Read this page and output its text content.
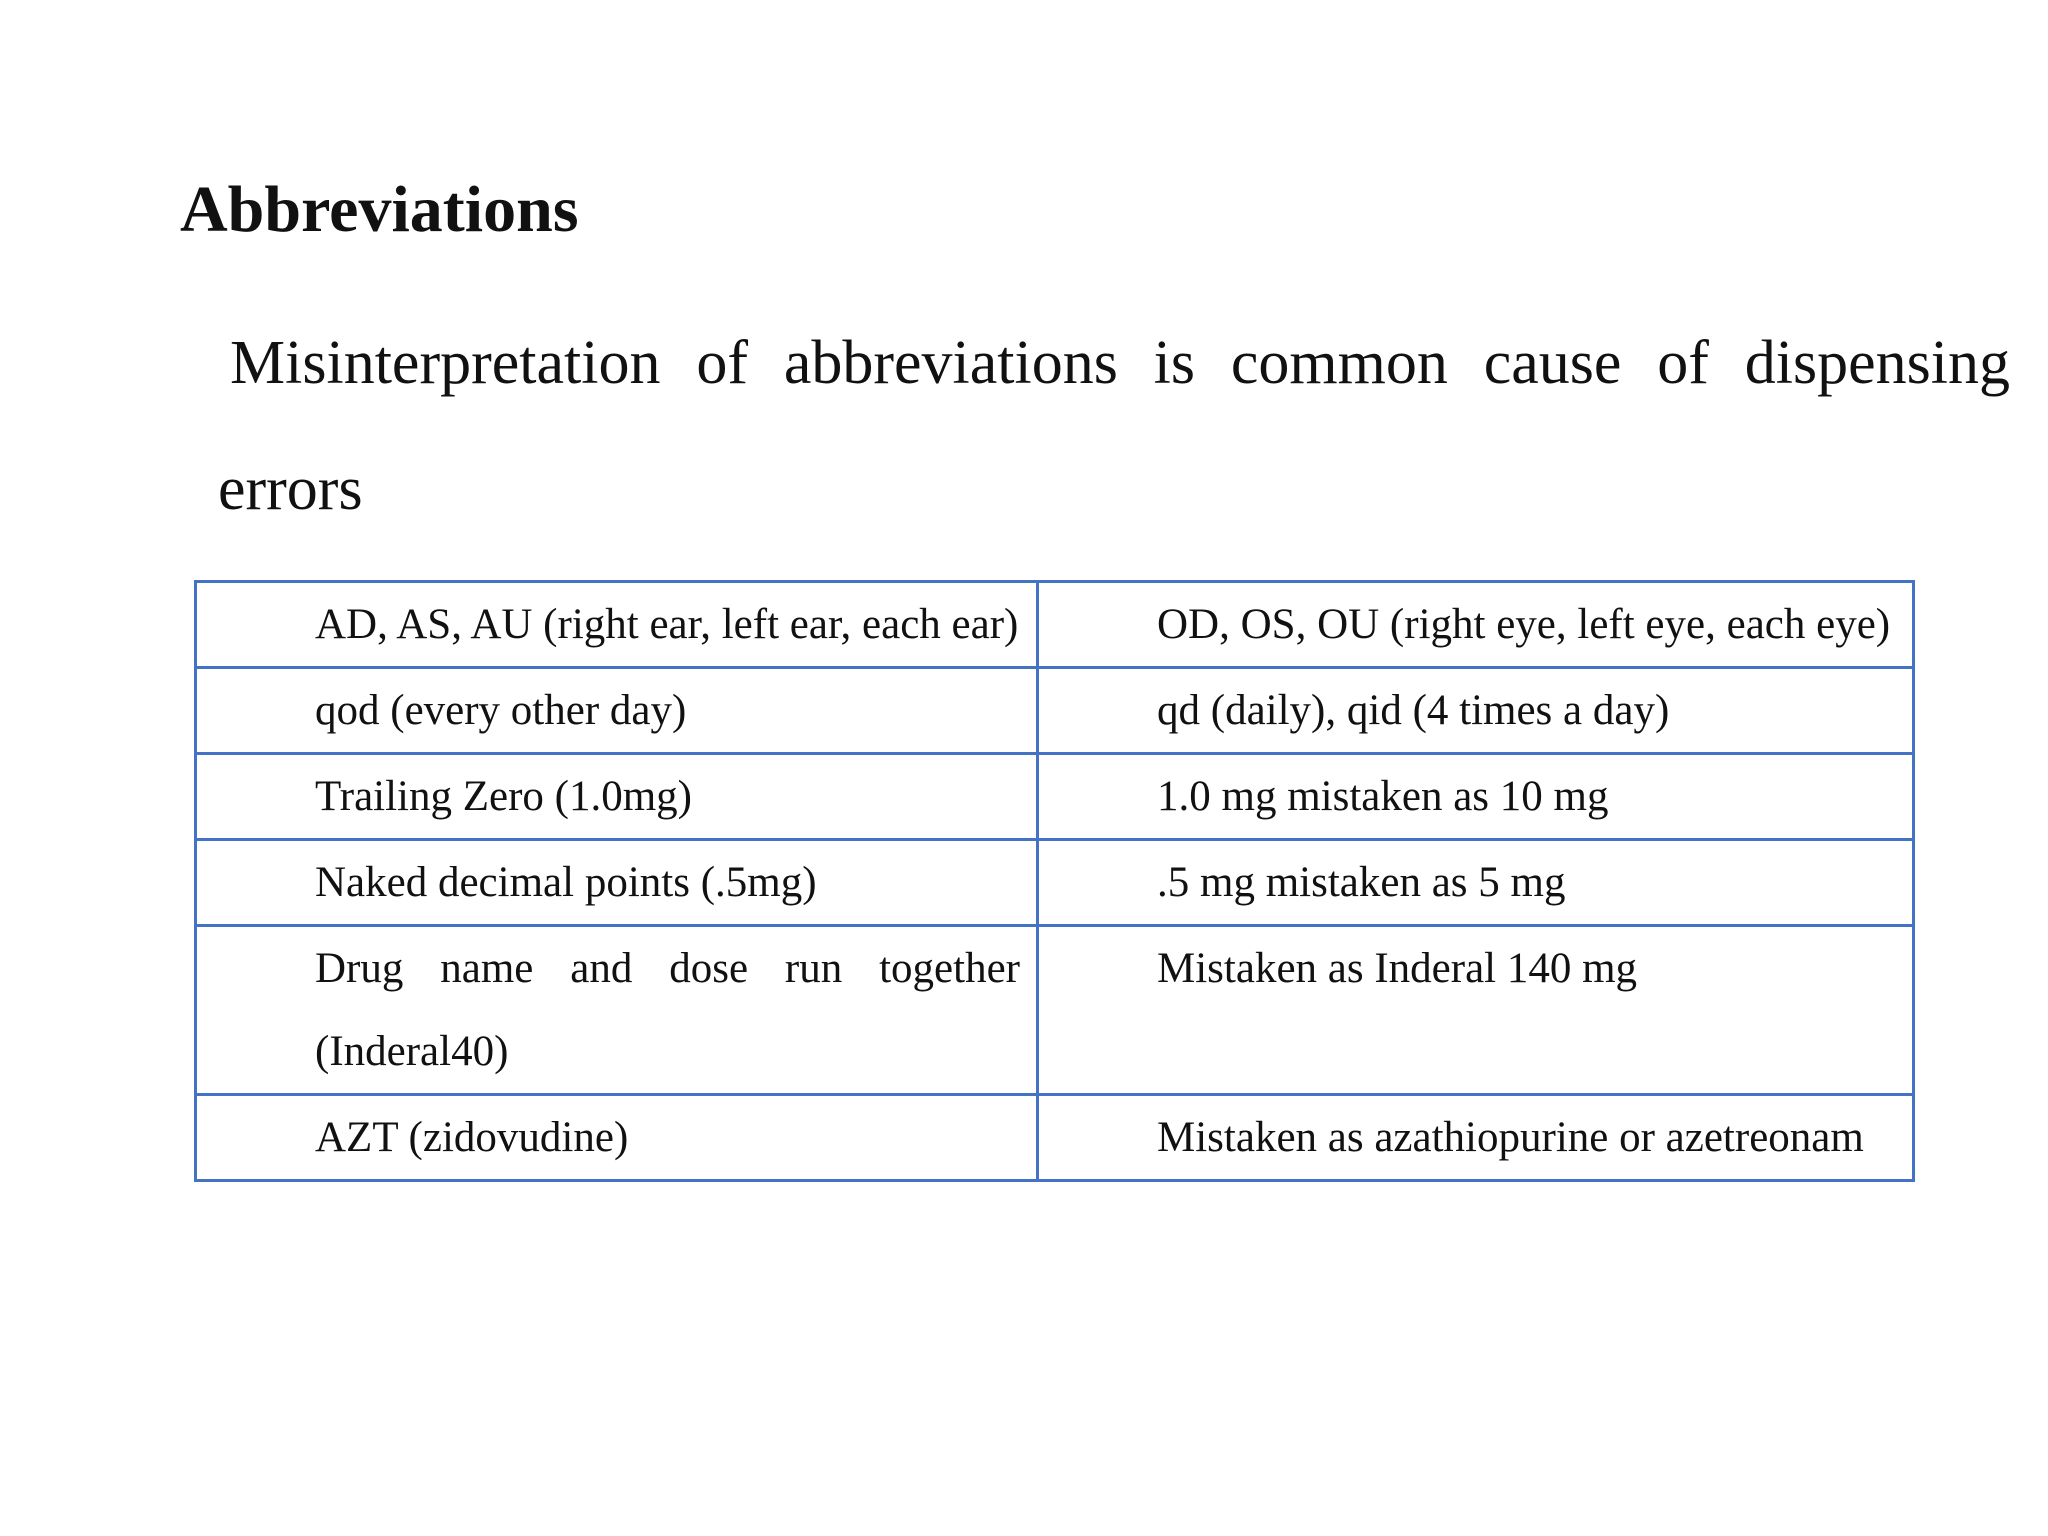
Abbreviations

Misinterpretation of abbreviations is common cause of dispensing errors

AD, AS, AU (right ear, left ear, each ear)	OD, OS, OU (right eye, left eye, each eye)
qod (every other day)	qd (daily), qid (4 times a day)
Trailing Zero (1.0mg)	1.0 mg mistaken as 10 mg
Naked decimal points (.5mg)	.5 mg mistaken as 5 mg
Drug name and dose run together (Inderal40)	Mistaken as Inderal 140 mg
AZT (zidovudine)	Mistaken as azathiopurine or azetreonam
